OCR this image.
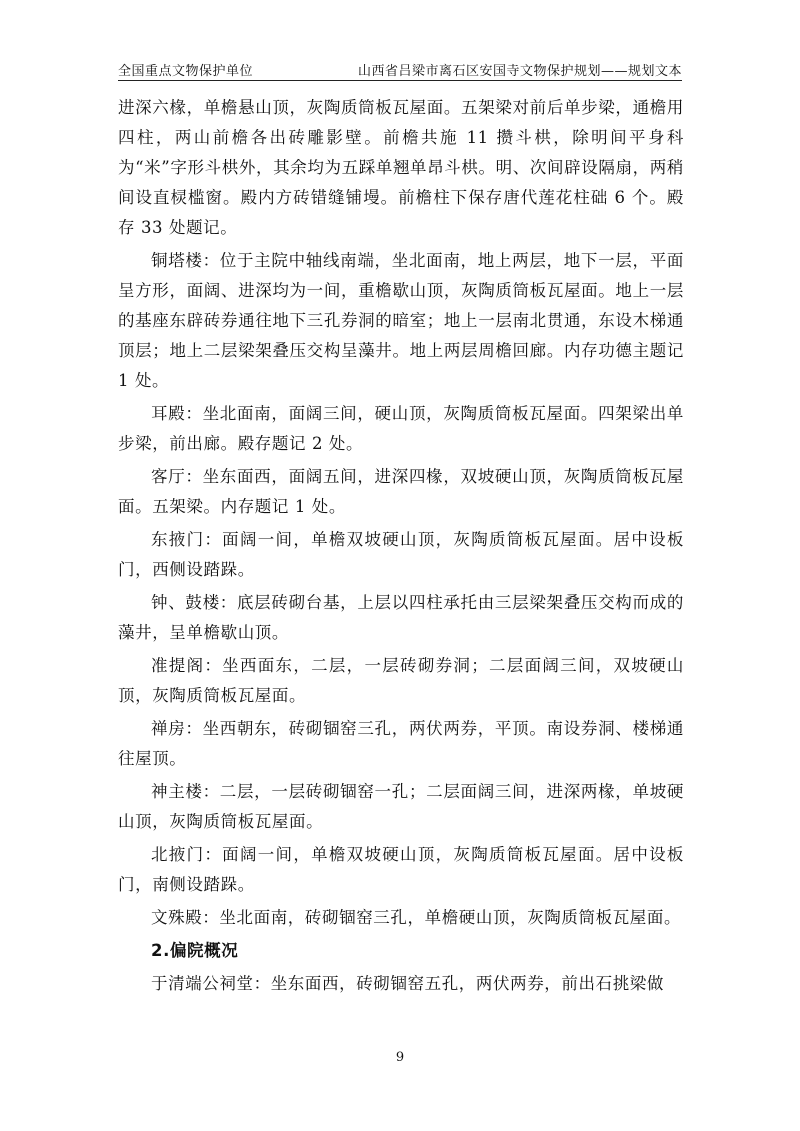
全国重点文物保护单位	山西省吕梁市离石区安国寺文物保护规划——规划文本

进深六椽，单檐悬山顶，灰陶质筒板瓦屋面。五架梁对前后单步梁，通檐用四柱，两山前檐各出砖雕影壁。前檐共施 11 攒斗栱，除明间平身科为“米”字形斗栱外，其余均为五踩单翘单昂斗栱。明、次间辟设隔扇，两稍间设直棂槛窗。殿内方砖错缝铺墁。前檐柱下保存唐代莲花柱础 6 个。殿存 33 处题记。

铜塔楼：位于主院中轴线南端，坐北面南，地上两层，地下一层，平面呈方形，面阔、进深均为一间，重檐歇山顶，灰陶质筒板瓦屋面。地上一层的基座东辟砖券通往地下三孔券洞的暗室；地上一层南北贯通，东设木梯通顶层；地上二层梁架叠压交构呈藻井。地上两层周檐回廊。内存功德主题记 1 处。

耳殿：坐北面南，面阔三间，硬山顶，灰陶质筒板瓦屋面。四架梁出单步梁，前出廊。殿存题记 2 处。

客厅：坐东面西，面阔五间，进深四椽，双坡硬山顶，灰陶质筒板瓦屋面。五架梁。内存题记 1 处。

东掖门：面阔一间，单檐双坡硬山顶，灰陶质筒板瓦屋面。居中设板门，西侧设踏跺。

钟、鼓楼：底层砖砌台基，上层以四柱承托由三层梁架叠压交构而成的藻井，呈单檐歇山顶。

准提阁：坐西面东，二层，一层砖砌券洞；二层面阔三间，双坡硬山顶，灰陶质筒板瓦屋面。

禅房：坐西朝东，砖砌锢窑三孔，两伏两券，平顶。南设券洞、楼梯通往屋顶。

神主楼：二层，一层砖砌锢窑一孔；二层面阔三间，进深两椽，单坡硬山顶，灰陶质筒板瓦屋面。

北掖门：面阔一间，单檐双坡硬山顶，灰陶质筒板瓦屋面。居中设板门，南侧设踏跺。

文殊殿：坐北面南，砖砌锢窑三孔，单檐硬山顶，灰陶质筒板瓦屋面。

2.偏院概况

于清端公祠堂：坐东面西，砖砌锢窑五孔，两伏两券，前出石挑梁做

9
